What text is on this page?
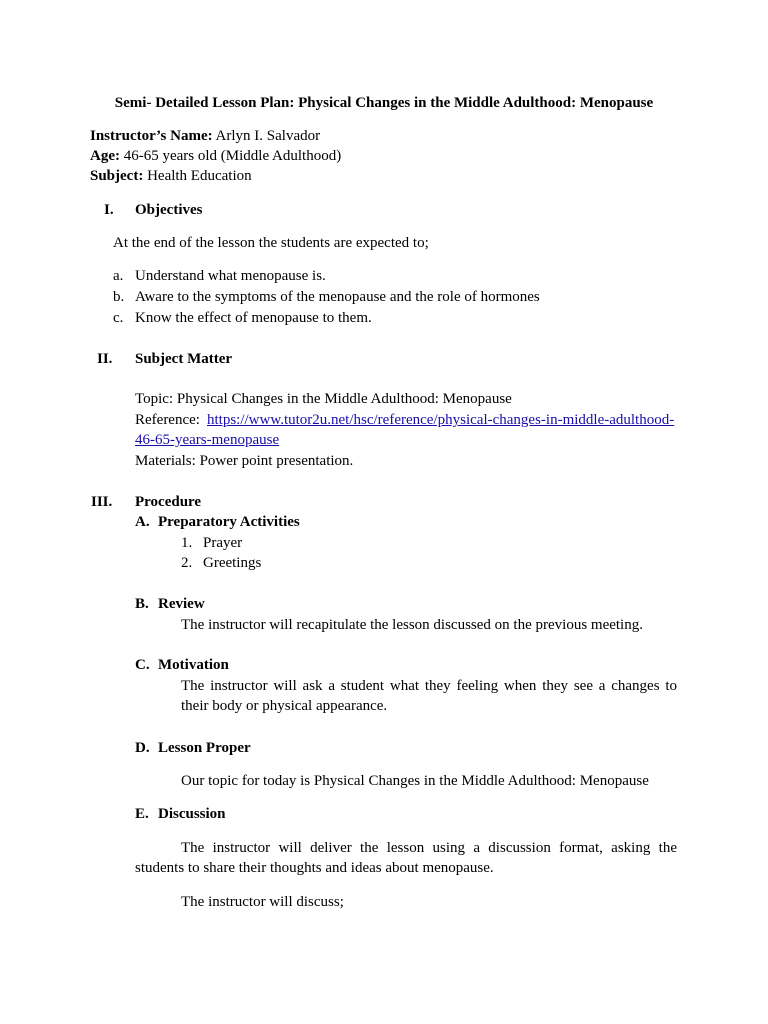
Semi- Detailed Lesson Plan: Physical Changes in the Middle Adulthood: Menopause
Instructor’s Name: Arlyn I. Salvador
Age: 46-65 years old (Middle Adulthood)
Subject: Health Education
I. Objectives
At the end of the lesson the students are expected to;
a. Understand what menopause is.
b. Aware to the symptoms of the menopause and the role of hormones
c. Know the effect of menopause to them.
II. Subject Matter
Topic: Physical Changes in the Middle Adulthood: Menopause
Reference: https://www.tutor2u.net/hsc/reference/physical-changes-in-middle-adulthood-
46-65-years-menopause
Materials: Power point presentation.
III. Procedure
A. Preparatory Activities
1. Prayer
2. Greetings
B. Review
The instructor will recapitulate the lesson discussed on the previous meeting.
C. Motivation
The instructor will ask a student what they feeling when they see a changes to their body or physical appearance.
D. Lesson Proper
Our topic for today is Physical Changes in the Middle Adulthood: Menopause
E. Discussion
The instructor will deliver the lesson using a discussion format, asking the students to share their thoughts and ideas about menopause.
The instructor will discuss;
